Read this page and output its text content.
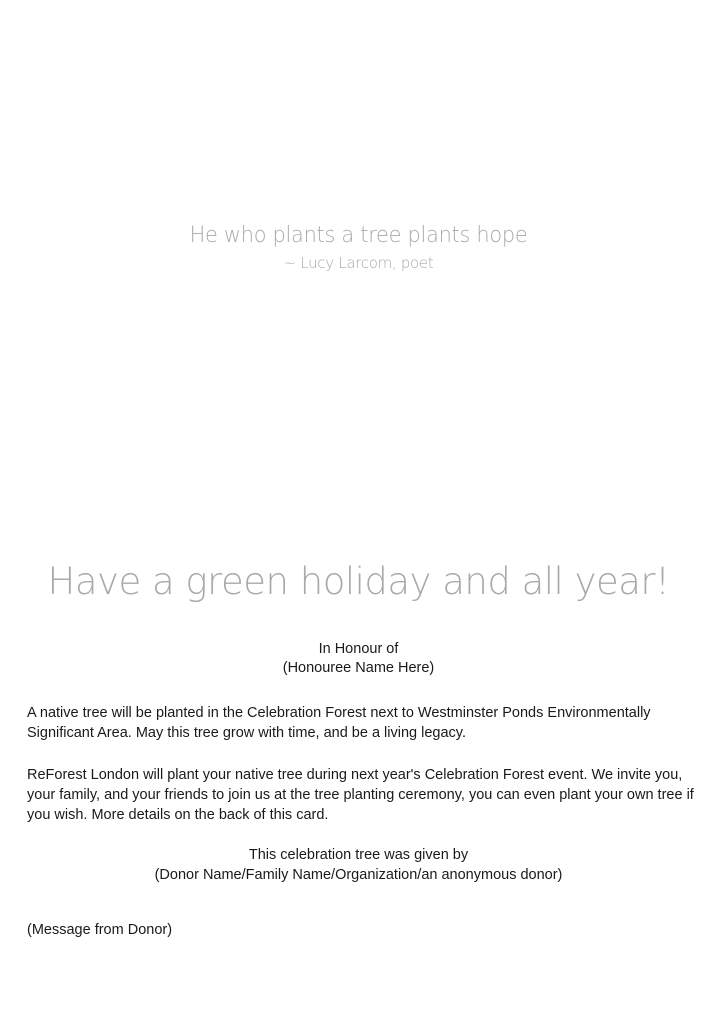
He who plants a tree plants hope
~ Lucy Larcom, poet
Have a green holiday and all year!
In Honour of
(Honouree Name Here)

A native tree will be planted in the Celebration Forest next to Westminster Ponds Environmentally Significant Area. May this tree grow with time, and be a living legacy.

ReForest London will plant your native tree during next year's Celebration Forest event. We invite you, your family, and your friends to join us at the tree planting ceremony, you can even plant your own tree if you wish. More details on the back of this card.

This celebration tree was given by
(Donor Name/Family Name/Organization/an anonymous donor)
(Message from Donor)
